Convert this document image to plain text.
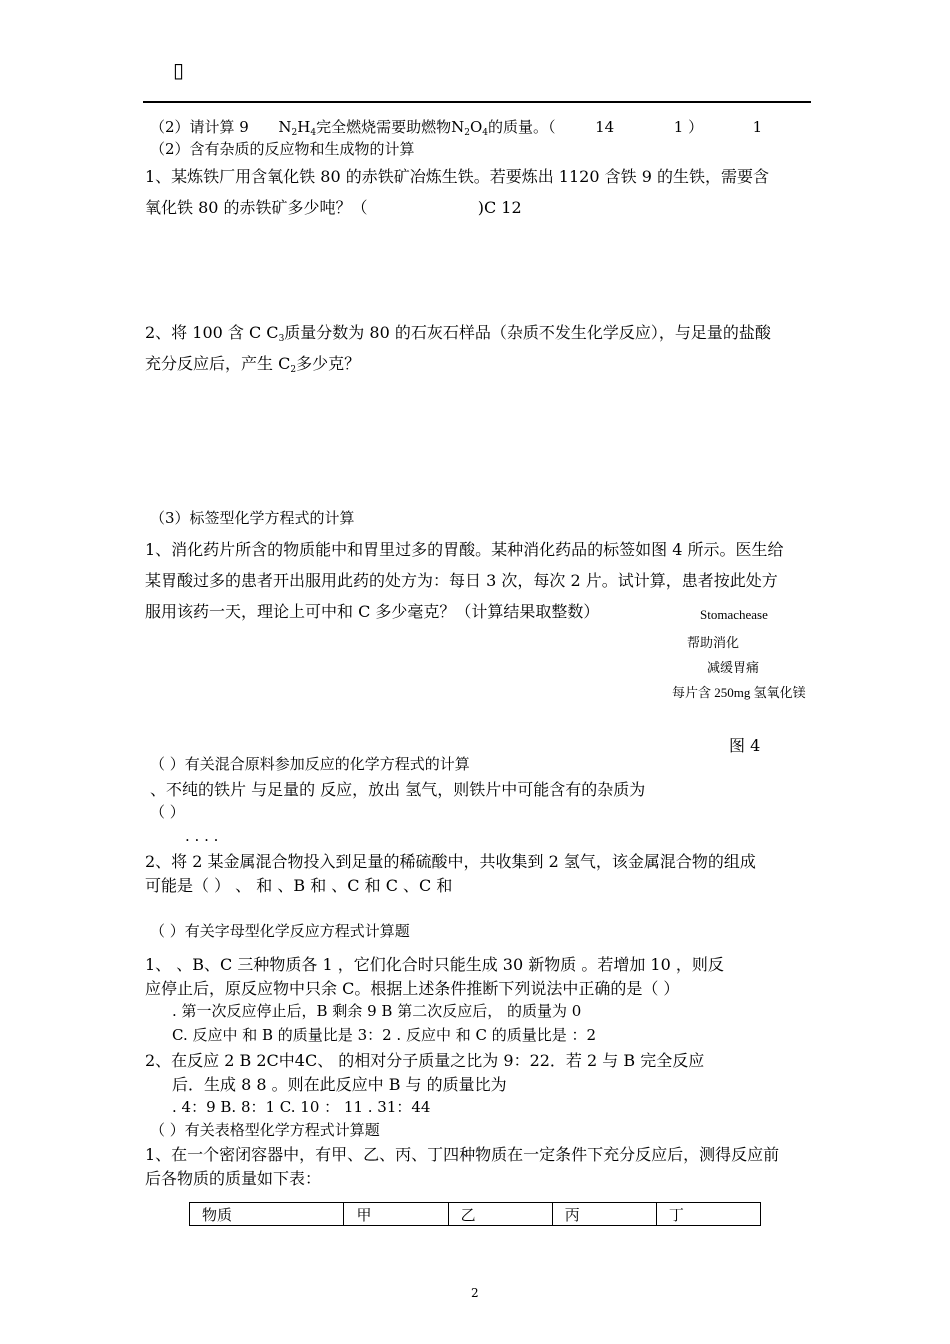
▯
（2）请计算 9 $N_2H_4$完全燃烧需要助燃物$N_2O_4$的质量。（	14	1 ）	1
（2）含有杂质的反应物和生成物的计算
1、某炼铁厂用含氧化铁 80 的赤铁矿冶炼生铁。若要炼出 1120 含铁 9 的生铁，需要含
氧化铁 80 的赤铁矿多少吨？（	)C 12
2、将 100 含 C $C_3$质量分数为 80 的石灰石样品（杂质不发生化学反应），与足量的盐酸
充分反应后，产生 $C_2$多少克？
（3）标签型化学方程式的计算
1、消化药片所含的物质能中和胃里过多的胃酸。某种消化药品的标签如图 4 所示。医生给
某胃酸过多的患者开出服用此药的处方为：每日 3 次，每次 2 片。试计算，患者按此处方
服用该药一天，理论上可中和 C 多少毫克？（计算结果取整数）	Stomachease
帮助消化
减缓胃痛
每片含 250mg 氢氧化镁
图 4
（ ）有关混合原料参加反应的化学方程式的计算
、不纯的铁片 与足量的 反应，放出 氢气，则铁片中可能含有的杂质为
（ ）
. . . .
2、将 2 某金属混合物投入到足量的稀硫酸中，共收集到 2 氢气，该金属混合物的组成
可能是（ ） 、 和 、B 和 、C 和 C 、C 和
（ ）有关字母型化学反应方程式计算题
1、 、B、C 三种物质各 1 ，它们化合时只能生成 30 新物质 。若增加 10 ，则反
应停止后，原反应物中只余 C。根据上述条件推断下列说法中正确的是（ ）
. 第一次反应停止后，B 剩余 9 B 第二次反应后， 的质量为 0
C. 反应中 和 B 的质量比是 3：2 . 反应中 和 C 的质量比是 ：2
2、在反应 2 B 2C中4C、 的相对分子质量之比为 9：22．若 2 与 B 完全反应
后．生成 8 8 。则在此反应中 B 与 的质量比为
. 4：9 B. 8：1 C. 10 ： 11 . 31：44
（ ）有关表格型化学方程式计算题
1、在一个密闭容器中，有甲、乙、丙、丁四种物质在一定条件下充分反应后，测得反应前
后各物质的质量如下表：
物质	甲	乙	丙	丁
2
